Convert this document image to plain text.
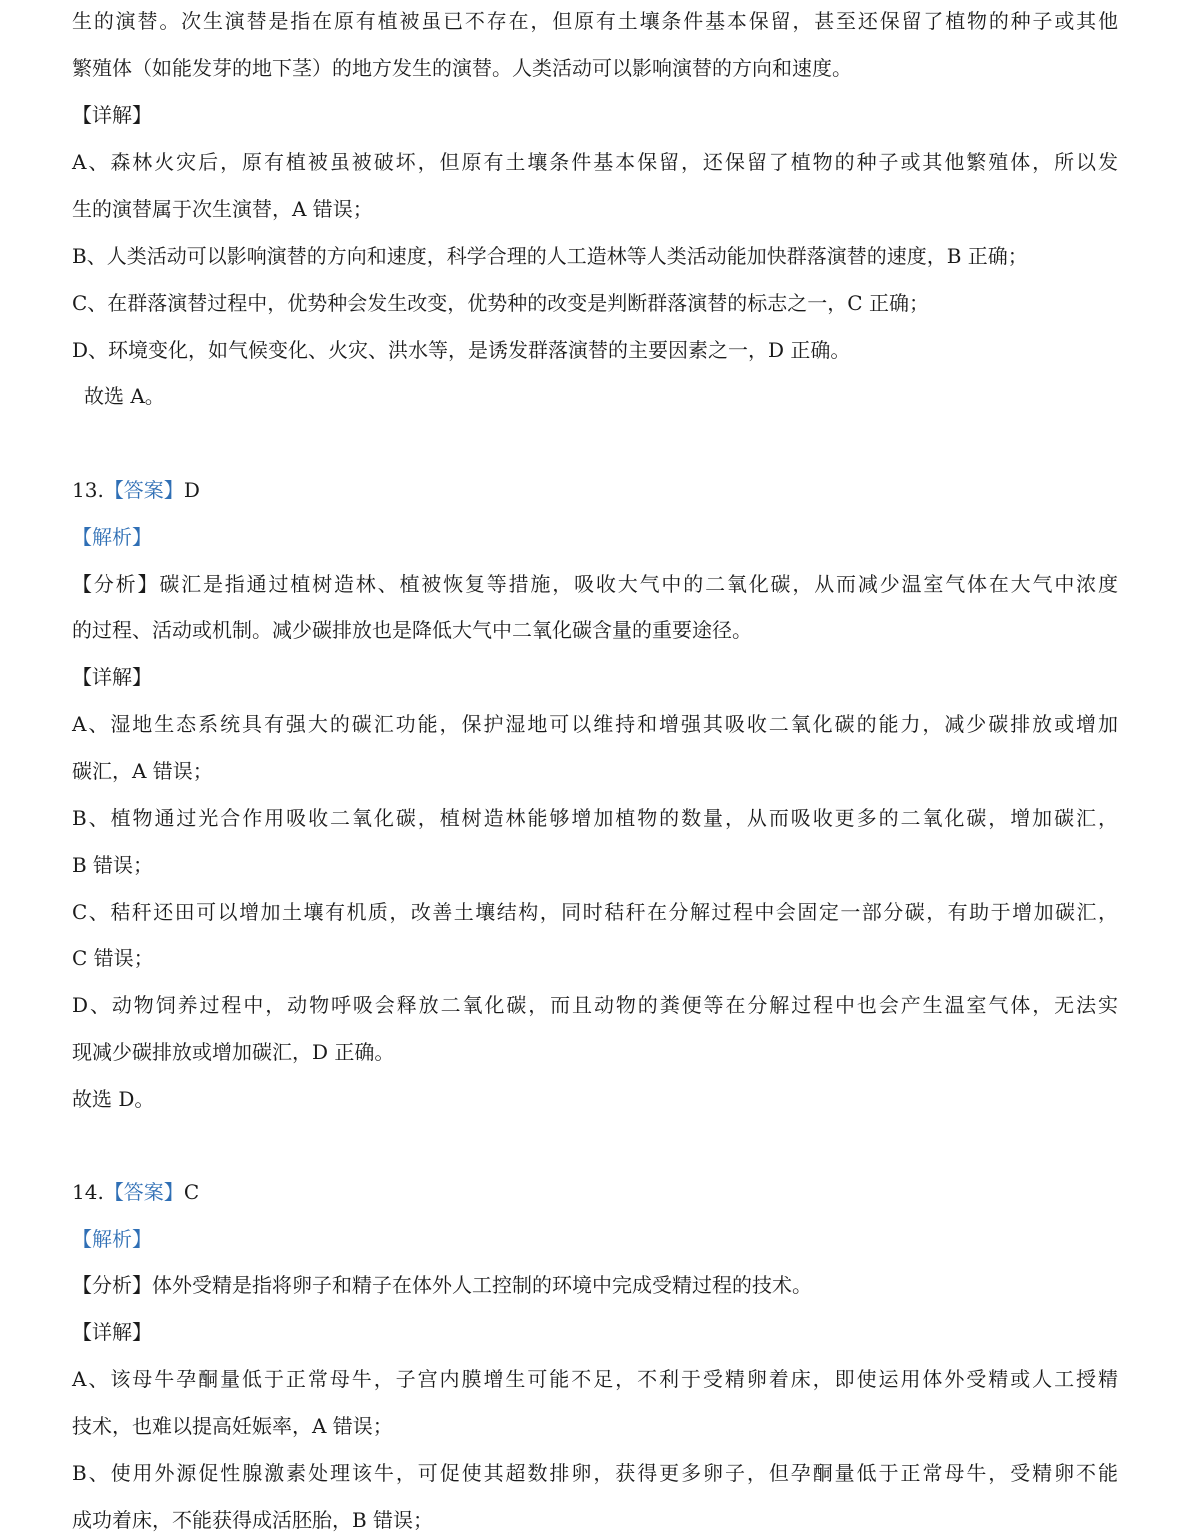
生的演替。次生演替是指在原有植被虽已不存在，但原有土壤条件基本保留，甚至还保留了植物的种子或其他
繁殖体（如能发芽的地下茎）的地方发生的演替。人类活动可以影响演替的方向和速度。
【详解】
A、森林火灾后，原有植被虽被破坏，但原有土壤条件基本保留，还保留了植物的种子或其他繁殖体，所以发
生的演替属于次生演替，A 错误；
B、人类活动可以影响演替的方向和速度，科学合理的人工造林等人类活动能加快群落演替的速度，B 正确；
C、在群落演替过程中，优势种会发生改变，优势种的改变是判断群落演替的标志之一，C 正确；
D、环境变化，如气候变化、火灾、洪水等，是诱发群落演替的主要因素之一，D 正确。
故选 A。
13.【答案】D
【解析】
【分析】碳汇是指通过植树造林、植被恢复等措施，吸收大气中的二氧化碳，从而减少温室气体在大气中浓度
的过程、活动或机制。减少碳排放也是降低大气中二氧化碳含量的重要途径。
【详解】
A、湿地生态系统具有强大的碳汇功能，保护湿地可以维持和增强其吸收二氧化碳的能力，减少碳排放或增加
碳汇，A 错误；
B、植物通过光合作用吸收二氧化碳，植树造林能够增加植物的数量，从而吸收更多的二氧化碳，增加碳汇，
B 错误；
C、秸秆还田可以增加土壤有机质，改善土壤结构，同时秸秆在分解过程中会固定一部分碳，有助于增加碳汇，
C 错误；
D、动物饲养过程中，动物呼吸会释放二氧化碳，而且动物的粪便等在分解过程中也会产生温室气体，无法实
现减少碳排放或增加碳汇，D 正确。
故选 D。
14.【答案】C
【解析】
【分析】体外受精是指将卵子和精子在体外人工控制的环境中完成受精过程的技术。
【详解】
A、该母牛孕酮量低于正常母牛，子宫内膜增生可能不足，不利于受精卵着床，即使运用体外受精或人工授精
技术，也难以提高妊娠率，A 错误；
B、使用外源促性腺激素处理该牛，可促使其超数排卵，获得更多卵子，但孕酮量低于正常母牛，受精卵不能
成功着床，不能获得成活胚胎，B 错误；
